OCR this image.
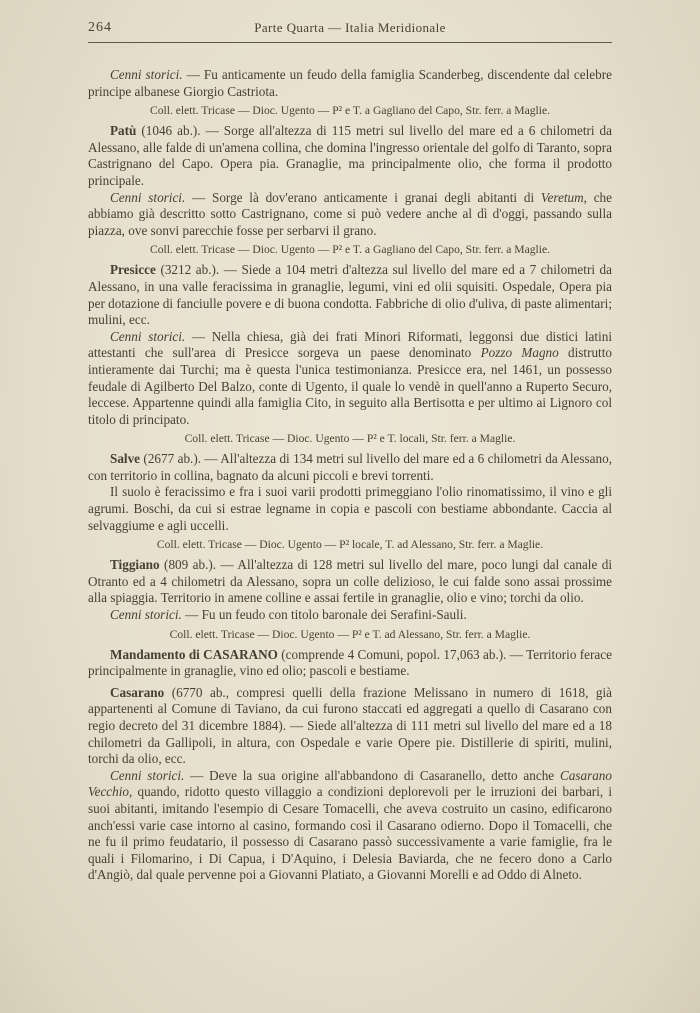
264	Parte Quarta — Italia Meridionale

Cenni storici. — Fu anticamente un feudo della famiglia Scanderbeg, discendente dal celebre principe albanese Giorgio Castriota.

Coll. elett. Tricase — Dioc. Ugento — P² e T. a Gagliano del Capo, Str. ferr. a Maglie.

Patù (1046 ab.). — Sorge all'altezza di 115 metri sul livello del mare ed a 6 chilometri da Alessano, alle falde di un'amena collina, che domina l'ingresso orientale del golfo di Taranto, sopra Castrignano del Capo. Opera pia. Granaglie, ma principalmente olio, che forma il prodotto principale.

Cenni storici. — Sorge là dov'erano anticamente i granai degli abitanti di Veretum, che abbiamo già descritto sotto Castrignano, come si può vedere anche al dì d'oggi, passando sulla piazza, ove sonvi parecchie fosse per serbarvi il grano.

Coll. elett. Tricase — Dioc. Ugento — P² e T. a Gagliano del Capo, Str. ferr. a Maglie.

Presicce (3212 ab.). — Siede a 104 metri d'altezza sul livello del mare ed a 7 chilometri da Alessano, in una valle feracissima in granaglie, legumi, vini ed olii squisiti. Ospedale, Opera pia per dotazione di fanciulle povere e di buona condotta. Fabbriche di olio d'uliva, di paste alimentari; mulini, ecc.

Cenni storici. — Nella chiesa, già dei frati Minori Riformati, leggonsi due distici latini attestanti che sull'area di Presicce sorgeva un paese denominato Pozzo Magno distrutto intieramente dai Turchi; ma è questa l'unica testimonianza. Presicce era, nel 1461, un possesso feudale di Agilberto Del Balzo, conte di Ugento, il quale lo vendè in quell'anno a Ruperto Securo, leccese. Appartenne quindi alla famiglia Cito, in seguito alla Bertisotta e per ultimo ai Lignoro col titolo di principato.

Coll. elett. Tricase — Dioc. Ugento — P² e T. locali, Str. ferr. a Maglie.

Salve (2677 ab.). — All'altezza di 134 metri sul livello del mare ed a 6 chilometri da Alessano, con territorio in collina, bagnato da alcuni piccoli e brevi torrenti.

Il suolo è feracissimo e fra i suoi varii prodotti primeggiano l'olio rinomatissimo, il vino e gli agrumi. Boschi, da cui si estrae legname in copia e pascoli con bestiame abbondante. Caccia al selvaggiume e agli uccelli.

Coll. elett. Tricase — Dioc. Ugento — P² locale, T. ad Alessano, Str. ferr. a Maglie.

Tiggiano (809 ab.). — All'altezza di 128 metri sul livello del mare, poco lungi dal canale di Otranto ed a 4 chilometri da Alessano, sopra un colle delizioso, le cui falde sono assai prossime alla spiaggia. Territorio in amene colline e assai fertile in granaglie, olio e vino; torchi da olio.

Cenni storici. — Fu un feudo con titolo baronale dei Serafini-Sauli.

Coll. elett. Tricase — Dioc. Ugento — P² e T. ad Alessano, Str. ferr. a Maglie.

Mandamento di CASARANO (comprende 4 Comuni, popol. 17,063 ab.). — Territorio ferace principalmente in granaglie, vino ed olio; pascoli e bestiame.

Casarano (6770 ab., compresi quelli della frazione Melissano in numero di 1618, già appartenenti al Comune di Taviano, da cui furono staccati ed aggregati a quello di Casarano con regio decreto del 31 dicembre 1884). — Siede all'altezza di 111 metri sul livello del mare ed a 18 chilometri da Gallipoli, in altura, con Ospedale e varie Opere pie. Distillerie di spiriti, mulini, torchi da olio, ecc.

Cenni storici. — Deve la sua origine all'abbandono di Casaranello, detto anche Casarano Vecchio, quando, ridotto questo villaggio a condizioni deplorevoli per le irruzioni dei barbari, i suoi abitanti, imitando l'esempio di Cesare Tomacelli, che aveva costruito un casino, edificarono anch'essi varie case intorno al casino, formando così il Casarano odierno. Dopo il Tomacelli, che ne fu il primo feudatario, il possesso di Casarano passò successivamente a varie famiglie, fra le quali i Filomarino, i Di Capua, i D'Aquino, i Delesia Baviarda, che ne fecero dono a Carlo d'Angiò, dal quale pervenne poi a Giovanni Platiato, a Giovanni Morelli e ad Oddo di Alneto.
